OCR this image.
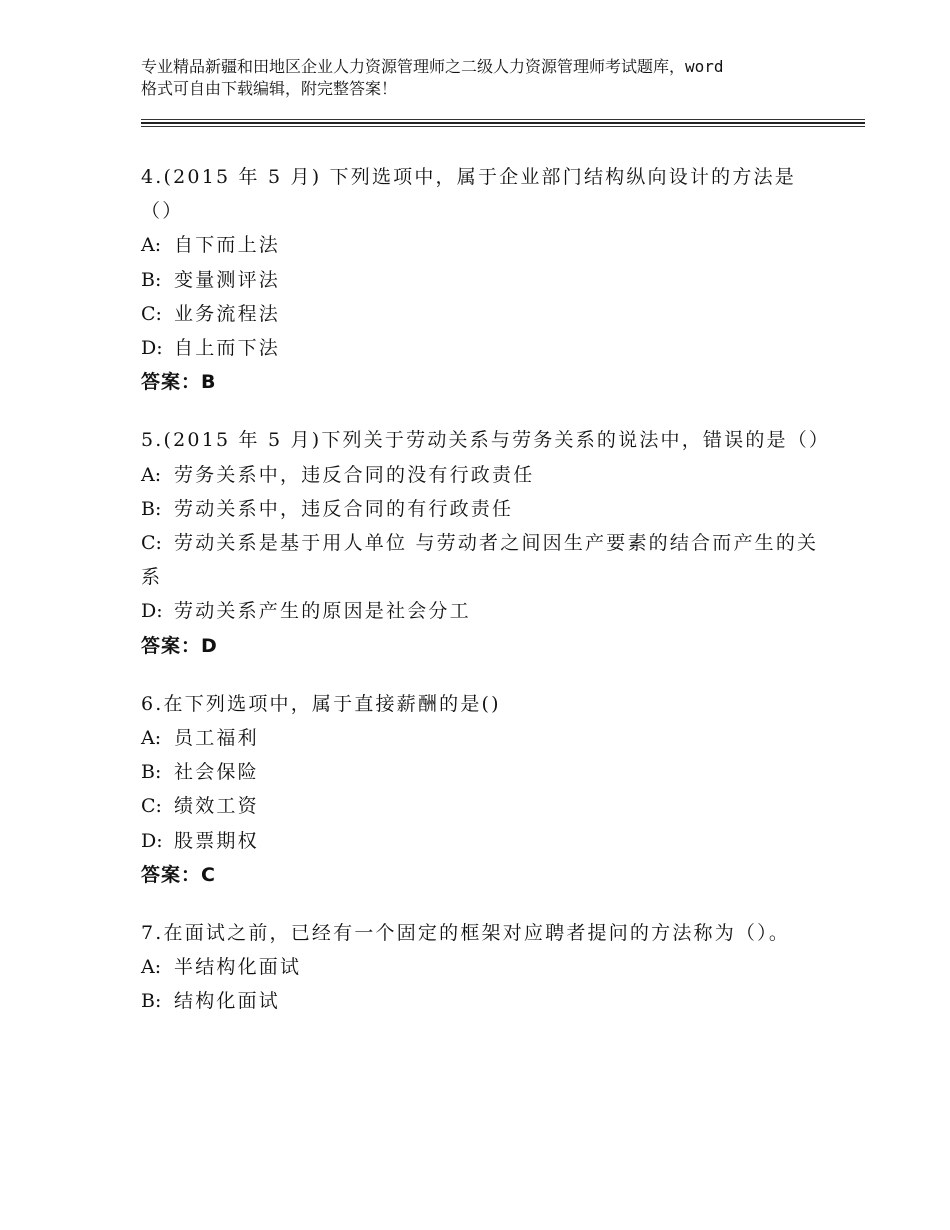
专业精品新疆和田地区企业人力资源管理师之二级人力资源管理师考试题库，word
格式可自由下载编辑，附完整答案！
4.(2015 年 5 月) 下列选项中，属于企业部门结构纵向设计的方法是（）
A: 自下而上法
B: 变量测评法
C: 业务流程法
D: 自上而下法
答案：B
5.(2015 年 5 月)下列关于劳动关系与劳务关系的说法中，错误的是（）
A: 劳务关系中，违反合同的没有行政责任
B: 劳动关系中，违反合同的有行政责任
C: 劳动关系是基于用人单位 与劳动者之间因生产要素的结合而产生的关系
D: 劳动关系产生的原因是社会分工
答案：D
6.在下列选项中，属于直接薪酬的是()
A: 员工福利
B: 社会保险
C: 绩效工资
D: 股票期权
答案：C
7.在面试之前，已经有一个固定的框架对应聘者提问的方法称为（）。
A: 半结构化面试
B: 结构化面试
